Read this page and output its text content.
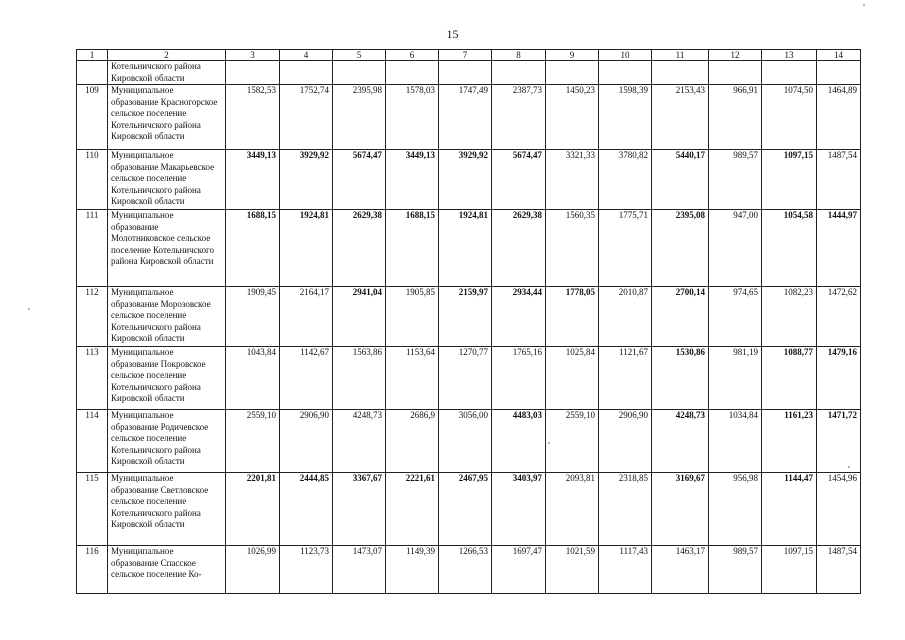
15
1	2	3	4	5	6	7	8	9	10	11	12	13	14
	Котельничского района Кировской области												
109	Муниципальное образование Красногорское сельское поселение Котельничского района Кировской области	1582,53	1752,74	2395,98	1578,03	1747,49	2387,73	1450,23	1598,39	2153,43	966,91	1074,50	1464,89
110	Муниципальное образование Макарьевское сельское поселение Котельничского района Кировской области	3449,13	3929,92	5674,47	3449,13	3929,92	5674,47	3321,33	3780,82	5440,17	989,57	1097,15	1487,54
111	Муниципальное образование Молотниковское сельское поселение Котельничского района Кировской области	1688,15	1924,81	2629,38	1688,15	1924,81	2629,38	1560,35	1775,71	2395,08	947,00	1054,58	1444,97
112	Муниципальное образование Морозовское сельское поселение Котельничского района Кировской области	1909,45	2164,17	2941,04	1905,85	2159,97	2934,44	1778,05	2010,87	2700,14	974,65	1082,23	1472,62
113	Муниципальное образование Покровское сельское поселение Котельничского района Кировской области	1043,84	1142,67	1563,86	1153,64	1270,77	1765,16	1025,84	1121,67	1530,86	981,19	1088,77	1479,16
114	Муниципальное образование Родичевское сельское поселение Котельничского района Кировской области	2559,10	2906,90	4248,73	2686,9	3056,00	4483,03	2559,10	2906,90	4248,73	1034,84	1161,23	1471,72
115	Муниципальное образование Светловское сельское поселение Котельничского района Кировской области	2201,81	2444,85	3367,67	2221,61	2467,95	3403,97	2093,81	2318,85	3169,67	956,98	1144,47	1454,96
116	Муниципальное образование Спасское сельское поселение Ко-	1026,99	1123,73	1473,07	1149,39	1266,53	1697,47	1021,59	1117,43	1463,17	989,57	1097,15	1487,54
